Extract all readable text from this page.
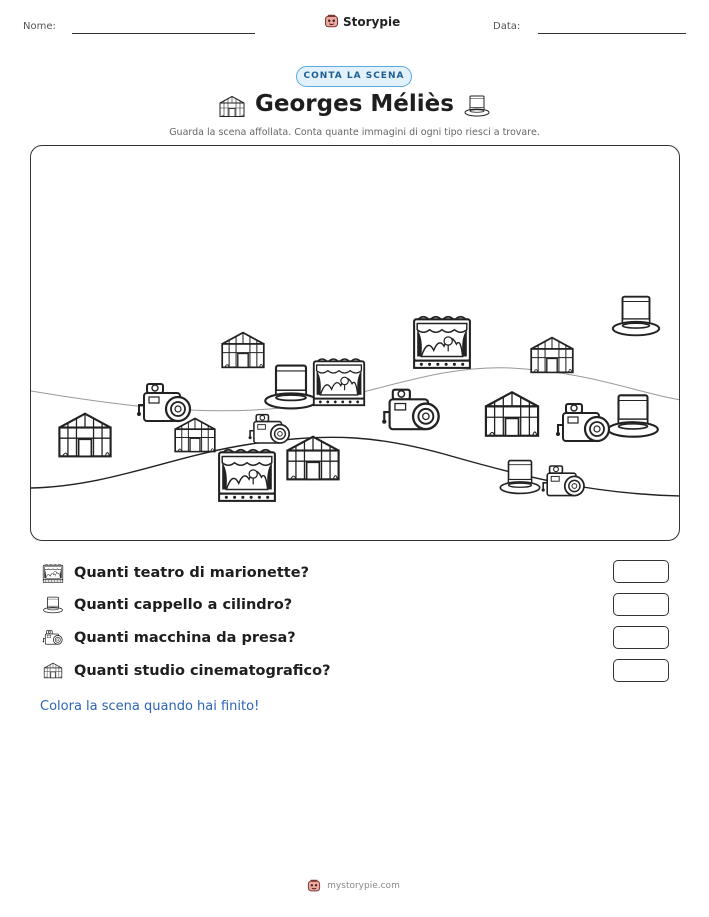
Nome:	Storypie	Data:
CONTA LA SCENA
Georges Méliès
Guarda la scena affollata. Conta quante immagini di ogni tipo riesci a trovare.
Quanti teatro di marionette?
Quanti cappello a cilindro?
Quanti macchina da presa?
Quanti studio cinematografico?
Colora la scena quando hai finito!
mystorypie.com
